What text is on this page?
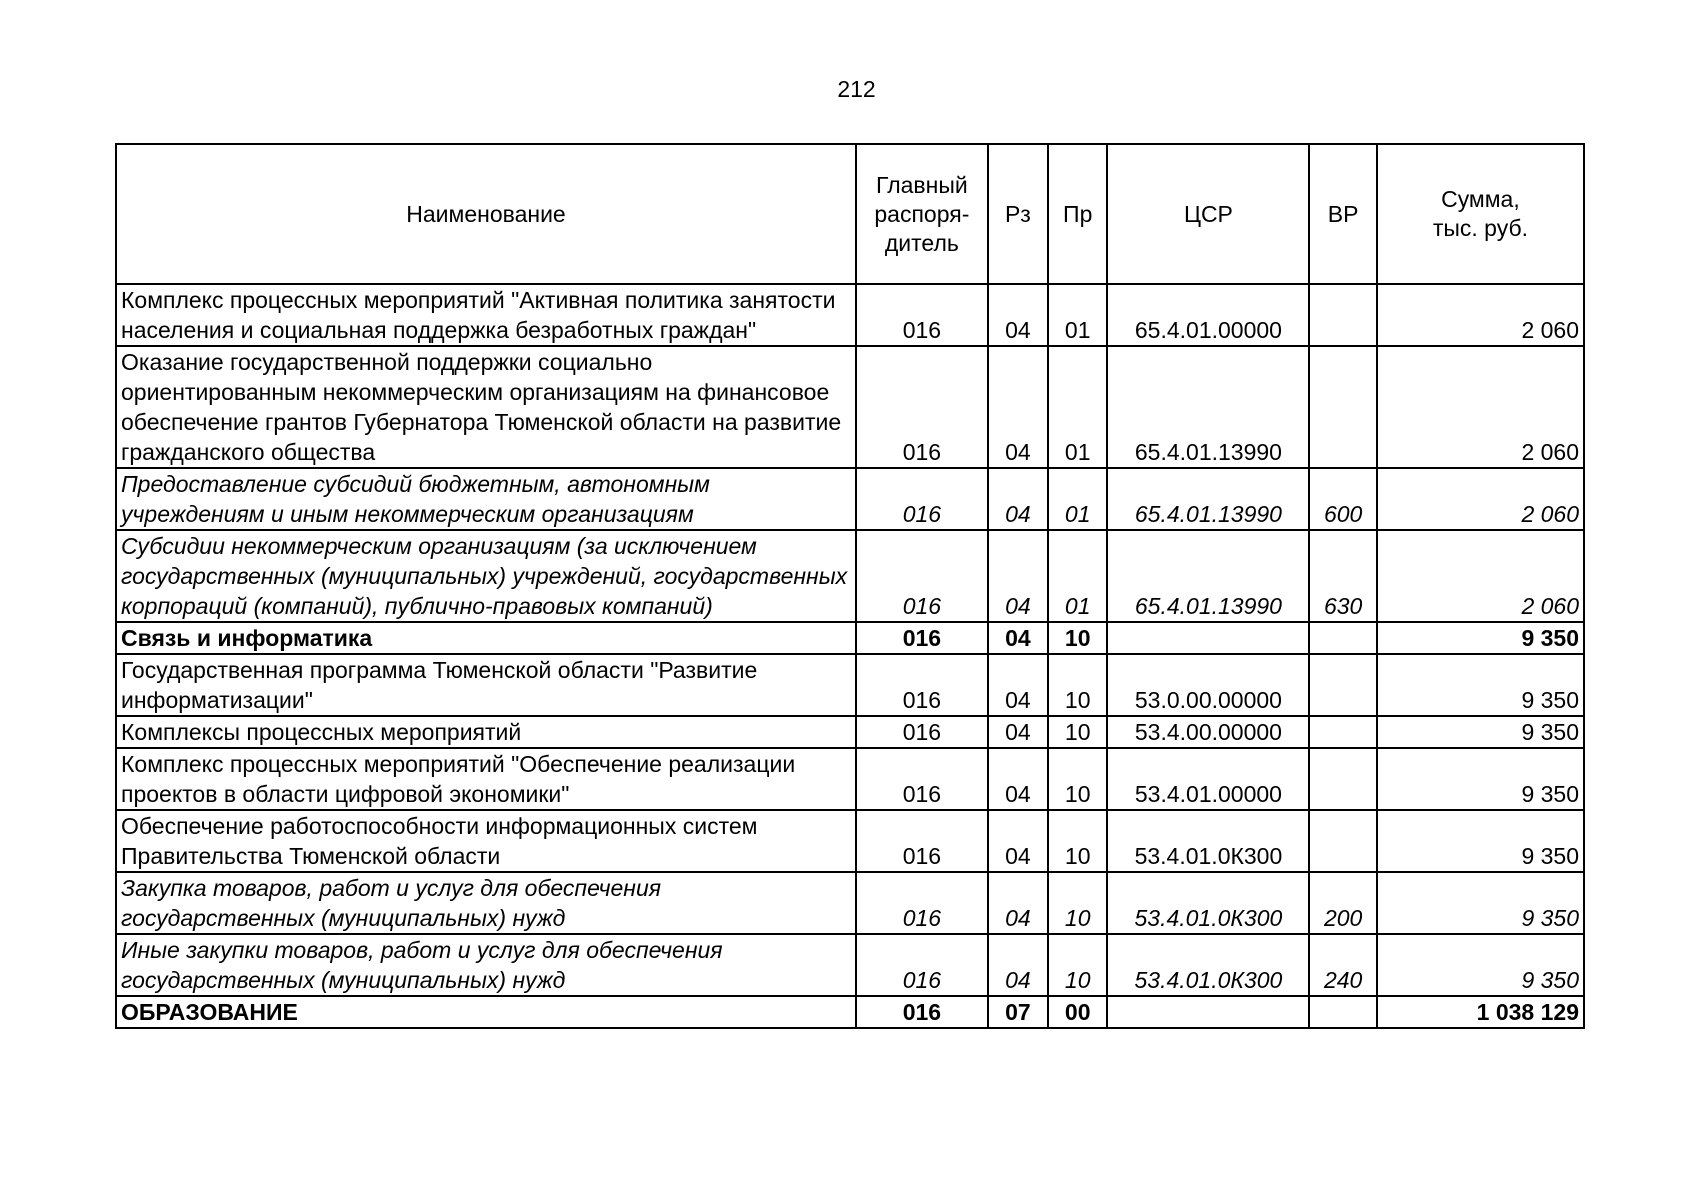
212
Наименование	Главный
распоря-
дитель	Рз	Пр	ЦСР	ВР	Сумма,
тыс. руб.
Комплекс процессных мероприятий "Активная политика занятости населения и социальная поддержка безработных граждан"	016	04	01	65.4.01.00000		2 060
Оказание государственной поддержки социально ориентированным некоммерческим организациям на финансовое обеспечение грантов Губернатора Тюменской области на развитие гражданского общества	016	04	01	65.4.01.13990		2 060
Предоставление субсидий бюджетным, автономным учреждениям и иным некоммерческим организациям	016	04	01	65.4.01.13990	600	2 060
Субсидии некоммерческим организациям (за исключением государственных (муниципальных) учреждений, государственных корпораций (компаний), публично-правовых компаний)	016	04	01	65.4.01.13990	630	2 060
Связь и информатика	016	04	10			9 350
Государственная программа Тюменской области "Развитие информатизации"	016	04	10	53.0.00.00000		9 350
Комплексы процессных мероприятий	016	04	10	53.4.00.00000		9 350
Комплекс процессных мероприятий "Обеспечение реализации проектов в области цифровой экономики"	016	04	10	53.4.01.00000		9 350
Обеспечение работоспособности информационных систем Правительства Тюменской области	016	04	10	53.4.01.0К300		9 350
Закупка товаров, работ и услуг для обеспечения государственных (муниципальных) нужд	016	04	10	53.4.01.0К300	200	9 350
Иные закупки товаров, работ и услуг для обеспечения государственных (муниципальных) нужд	016	04	10	53.4.01.0К300	240	9 350
ОБРАЗОВАНИЕ	016	07	00			1 038 129
